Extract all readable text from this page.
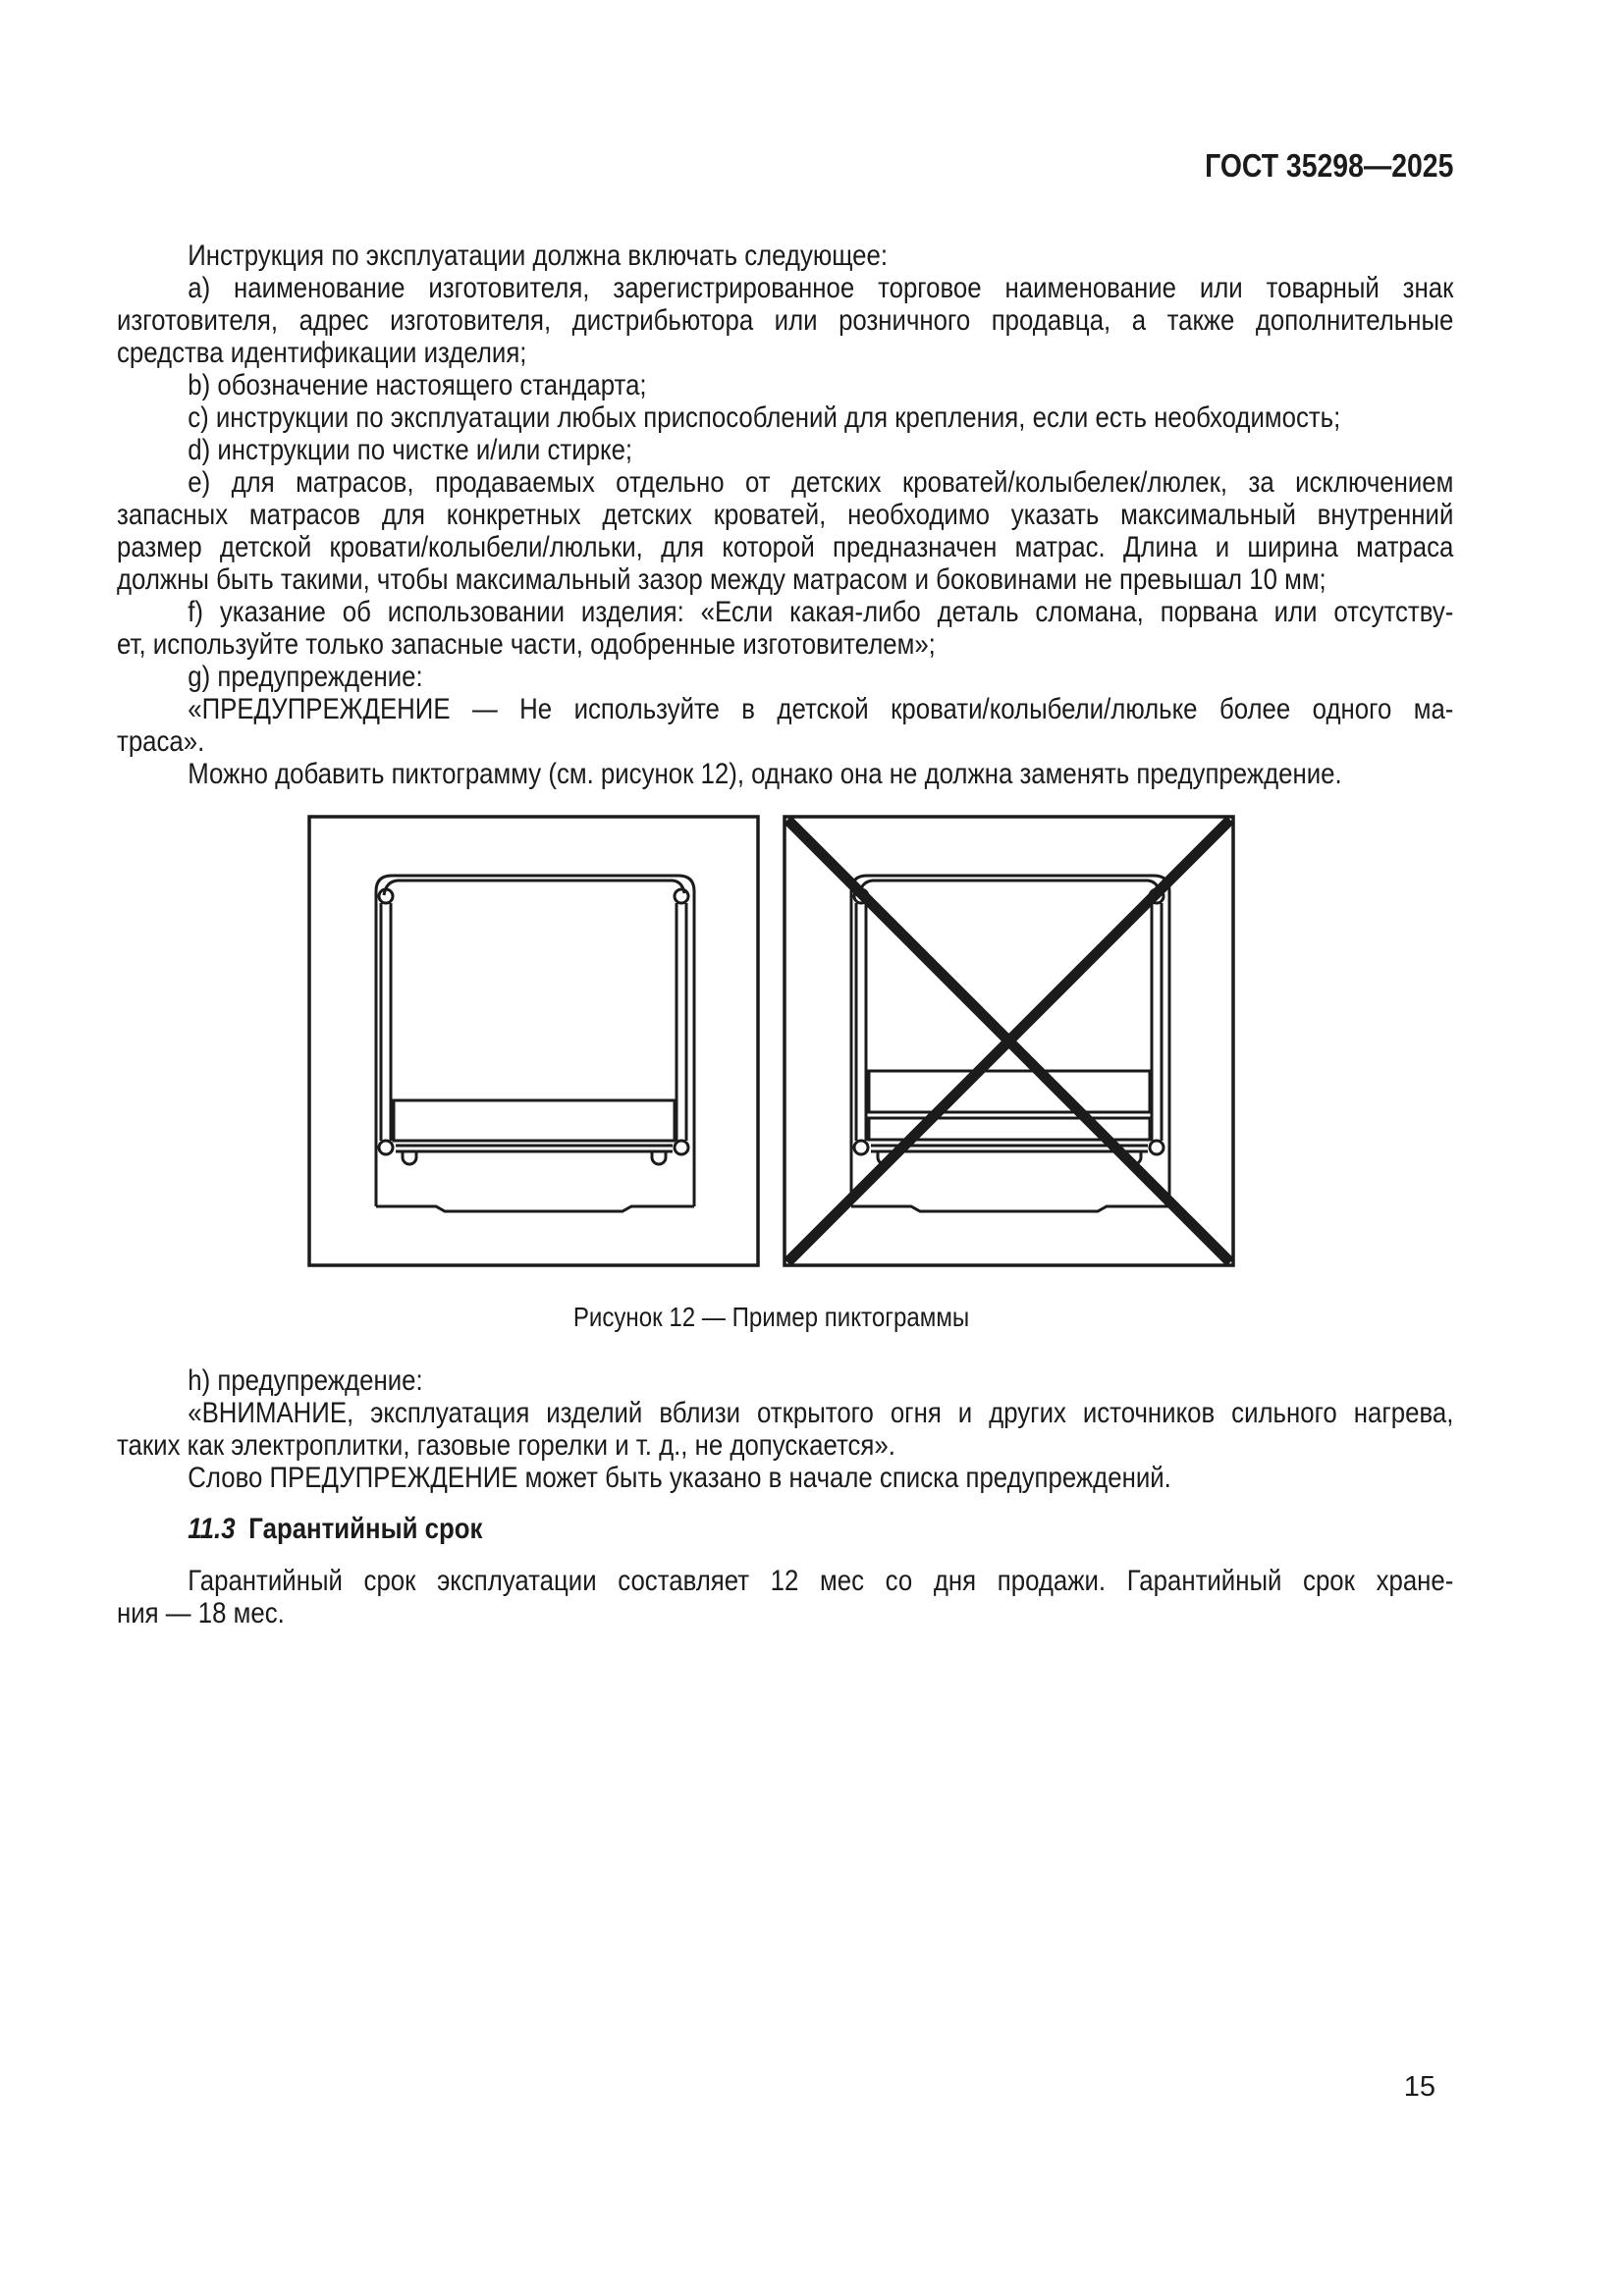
ГОСТ 35298—2025
Инструкция по эксплуатации должна включать следующее:
a) наименование изготовителя, зарегистрированное торговое наименование или товарный знак
изготовителя, адрес изготовителя, дистрибьютора или розничного продавца, а также дополнительные
средства идентификации изделия;
b) обозначение настоящего стандарта;
c) инструкции по эксплуатации любых приспособлений для крепления, если есть необходимость;
d) инструкции по чистке и/или стирке;
e) для матрасов, продаваемых отдельно от детских кроватей/колыбелек/люлек, за исключением
запасных матрасов для конкретных детских кроватей, необходимо указать максимальный внутренний
размер детской кровати/колыбели/люльки, для которой предназначен матрас. Длина и ширина матраса
должны быть такими, чтобы максимальный зазор между матрасом и боковинами не превышал 10 мм;
f) указание об использовании изделия: «Если какая-либо деталь сломана, порвана или отсутству-
ет, используйте только запасные части, одобренные изготовителем»;
g) предупреждение:
«ПРЕДУПРЕЖДЕНИЕ — Не используйте в детской кровати/колыбели/люльке более одного ма-
траса».
Можно добавить пиктограмму (см. рисунок 12), однако она не должна заменять предупреждение.
Рисунок 12 — Пример пиктограммы
h) предупреждение:
«ВНИМАНИЕ, эксплуатация изделий вблизи открытого огня и других источников сильного нагрева,
таких как электроплитки, газовые горелки и т. д., не допускается».
Слово ПРЕДУПРЕЖДЕНИЕ может быть указано в начале списка предупреждений.
11.3 Гарантийный срок
Гарантийный срок эксплуатации составляет 12 мес со дня продажи. Гарантийный срок хране-
ния — 18 мес.
15
